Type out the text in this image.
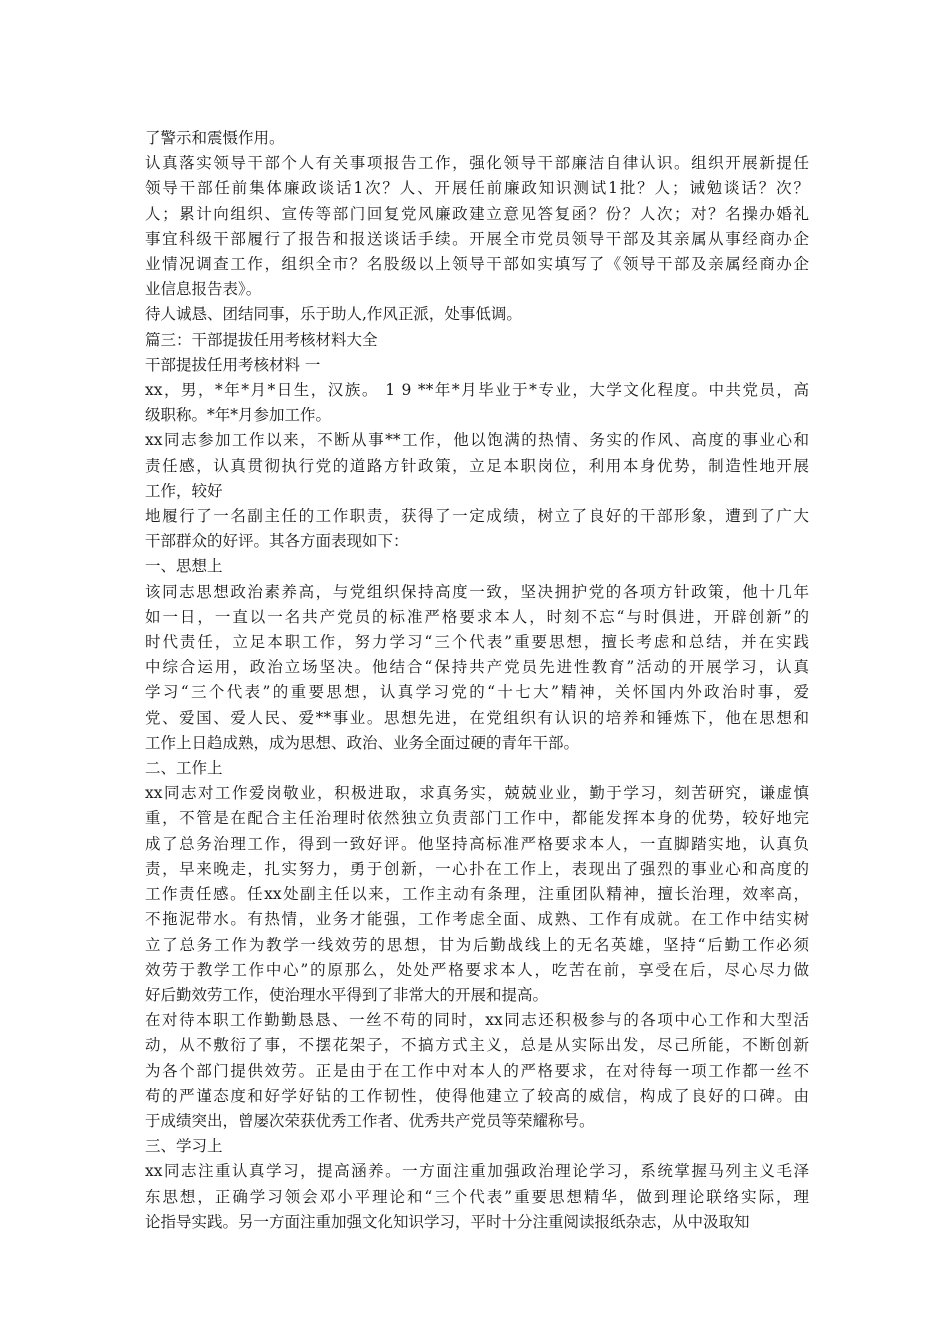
了警示和震慑作用。

认真落实领导干部个人有关事项报告工作，强化领导干部廉洁自律认识。组织开展新提任
领导干部任前集体廉政谈话1次？人、开展任前廉政知识测试1批？人；诫勉谈话？次？
人；累计向组织、宣传等部门回复党风廉政建立意见答复函？份？人次；对？名操办婚礼
事宜科级干部履行了报告和报送谈话手续。开展全市党员领导干部及其亲属从事经商办企
业情况调查工作，组织全市？名股级以上领导干部如实填写了《领导干部及亲属经商办企
业信息报告表》。

待人诚恳、团结同事，乐于助人,作风正派，处事低调。

篇三：干部提拔任用考核材料大全

干部提拔任用考核材料 一

xx，男，*年*月*日生，汉族。 1 9 **年*月毕业于*专业，大学文化程度。中共党员，高
级职称。*年*月参加工作。

xx同志参加工作以来，不断从事**工作，他以饱满的热情、务实的作风、高度的事业心和
责任感，认真贯彻执行党的道路方针政策，立足本职岗位，利用本身优势，制造性地开展
工作，较好

地履行了一名副主任的工作职责，获得了一定成绩，树立了良好的干部形象，遭到了广大
干部群众的好评。其各方面表现如下：

一、思想上

该同志思想政治素养高，与党组织保持高度一致，坚决拥护党的各项方针政策，他十几年
如一日，一直以一名共产党员的标准严格要求本人，时刻不忘“与时俱进，开辟创新”的
时代责任，立足本职工作，努力学习“三个代表”重要思想，擅长考虑和总结，并在实践
中综合运用，政治立场坚决。他结合“保持共产党员先进性教育”活动的开展学习，认真
学习“三个代表”的重要思想，认真学习党的“十七大”精神，关怀国内外政治时事，爱
党、爱国、爱人民、爱**事业。思想先进，在党组织有认识的培养和锤炼下，他在思想和
工作上日趋成熟，成为思想、政治、业务全面过硬的青年干部。

二、工作上

xx同志对工作爱岗敬业，积极进取，求真务实，兢兢业业，勤于学习，刻苦研究，谦虚慎
重，不管是在配合主任治理时依然独立负责部门工作中，都能发挥本身的优势，较好地完
成了总务治理工作，得到一致好评。他坚持高标准严格要求本人，一直脚踏实地，认真负
责，早来晚走，扎实努力，勇于创新，一心扑在工作上，表现出了强烈的事业心和高度的
工作责任感。任xx处副主任以来，工作主动有条理，注重团队精神，擅长治理，效率高，
不拖泥带水。有热情，业务才能强，工作考虑全面、成熟、工作有成就。在工作中结实树
立了总务工作为教学一线效劳的思想，甘为后勤战线上的无名英雄，坚持“后勤工作必须
效劳于教学工作中心”的原那么，处处严格要求本人，吃苦在前，享受在后，尽心尽力做
好后勤效劳工作，使治理水平得到了非常大的开展和提高。

在对待本职工作勤勤恳恳、一丝不苟的同时，xx同志还积极参与的各项中心工作和大型活
动，从不敷衍了事，不摆花架子，不搞方式主义，总是从实际出发，尽己所能，不断创新
为各个部门提供效劳。正是由于在工作中对本人的严格要求，在对待每一项工作都一丝不
苟的严谨态度和好学好钻的工作韧性，使得他建立了较高的威信，构成了良好的口碑。由
于成绩突出，曾屡次荣获优秀工作者、优秀共产党员等荣耀称号。

三、学习上

xx同志注重认真学习，提高涵养。一方面注重加强政治理论学习，系统掌握马列主义毛泽
东思想，正确学习领会邓小平理论和“三个代表”重要思想精华，做到理论联络实际，理
论指导实践。另一方面注重加强文化知识学习，平时十分注重阅读报纸杂志，从中汲取知
